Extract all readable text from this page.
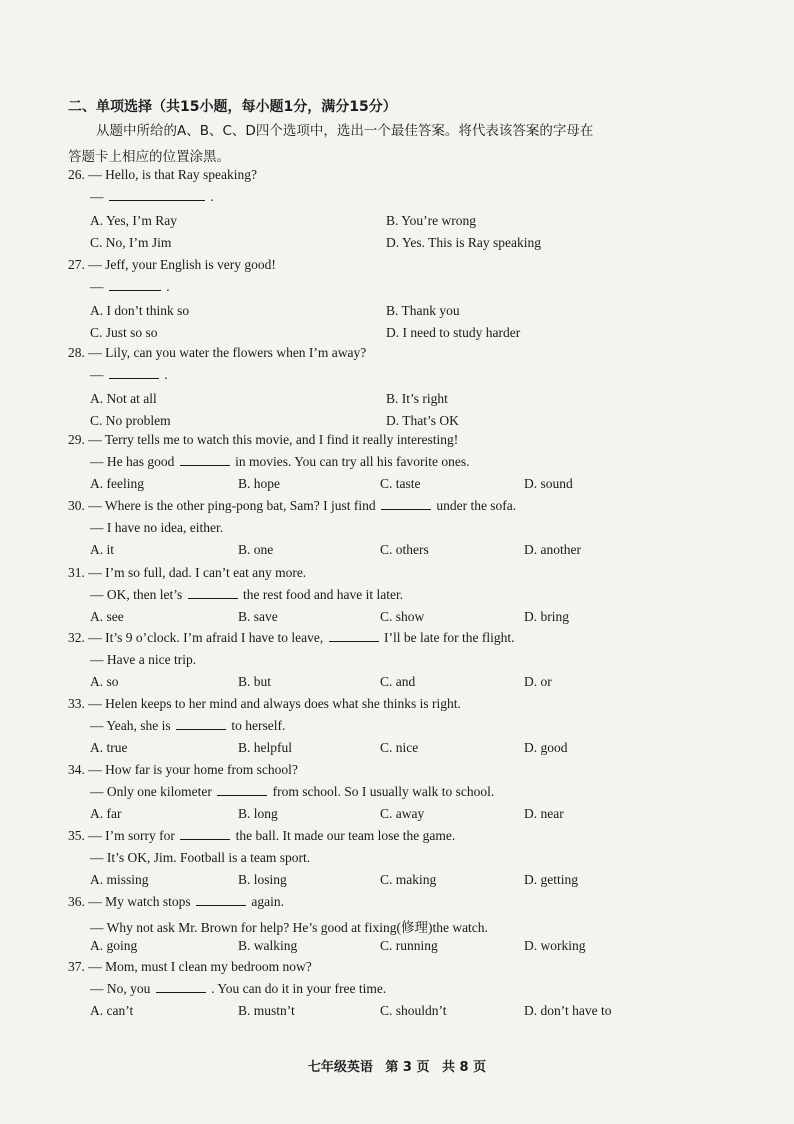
二、单项选择（共15小题，每小题1分，满分15分）
从题中所给的A、B、C、D四个选项中，选出一个最佳答案。将代表该答案的字母在
答题卡上相应的位置涂黑。
26. — Hello, is that Ray speaking?
—	.
A. Yes, I’m Ray	B. You’re wrong
C. No, I’m Jim	D. Yes. This is Ray speaking
27. — Jeff, your English is very good!
—	.
A. I don’t think so	B. Thank you
C. Just so so	D. I need to study harder
28. — Lily, can you water the flowers when I’m away?
—	.
A. Not at all	B. It’s right
C. No problem	D. That’s OK
29. — Terry tells me to watch this movie, and I find it really interesting!
— He has good	in movies. You can try all his favorite ones.
A. feeling	B. hope	C. taste	D. sound
30. — Where is the other ping-pong bat, Sam? I just find	under the sofa.
— I have no idea, either.
A. it	B. one	C. others	D. another
31. — I’m so full, dad. I can’t eat any more.
— OK, then let’s	the rest food and have it later.
A. see	B. save	C. show	D. bring
32. — It’s 9 o’clock. I’m afraid I have to leave,	I’ll be late for the flight.
— Have a nice trip.
A. so	B. but	C. and	D. or
33. — Helen keeps to her mind and always does what she thinks is right.
— Yeah, she is	to herself.
A. true	B. helpful	C. nice	D. good
34. — How far is your home from school?
— Only one kilometer	from school. So I usually walk to school.
A. far	B. long	C. away	D. near
35. — I’m sorry for	the ball. It made our team lose the game.
— It’s OK, Jim. Football is a team sport.
A. missing	B. losing	C. making	D. getting
36. — My watch stops	again.
— Why not ask Mr. Brown for help? He’s good at fixing(修理)the watch.
A. going	B. walking	C. running	D. working
37. — Mom, must I clean my bedroom now?
— No, you	. You can do it in your free time.
A. can’t	B. mustn’t	C. shouldn’t	D. don’t have to
七年级英语 第 3 页 共 8 页
